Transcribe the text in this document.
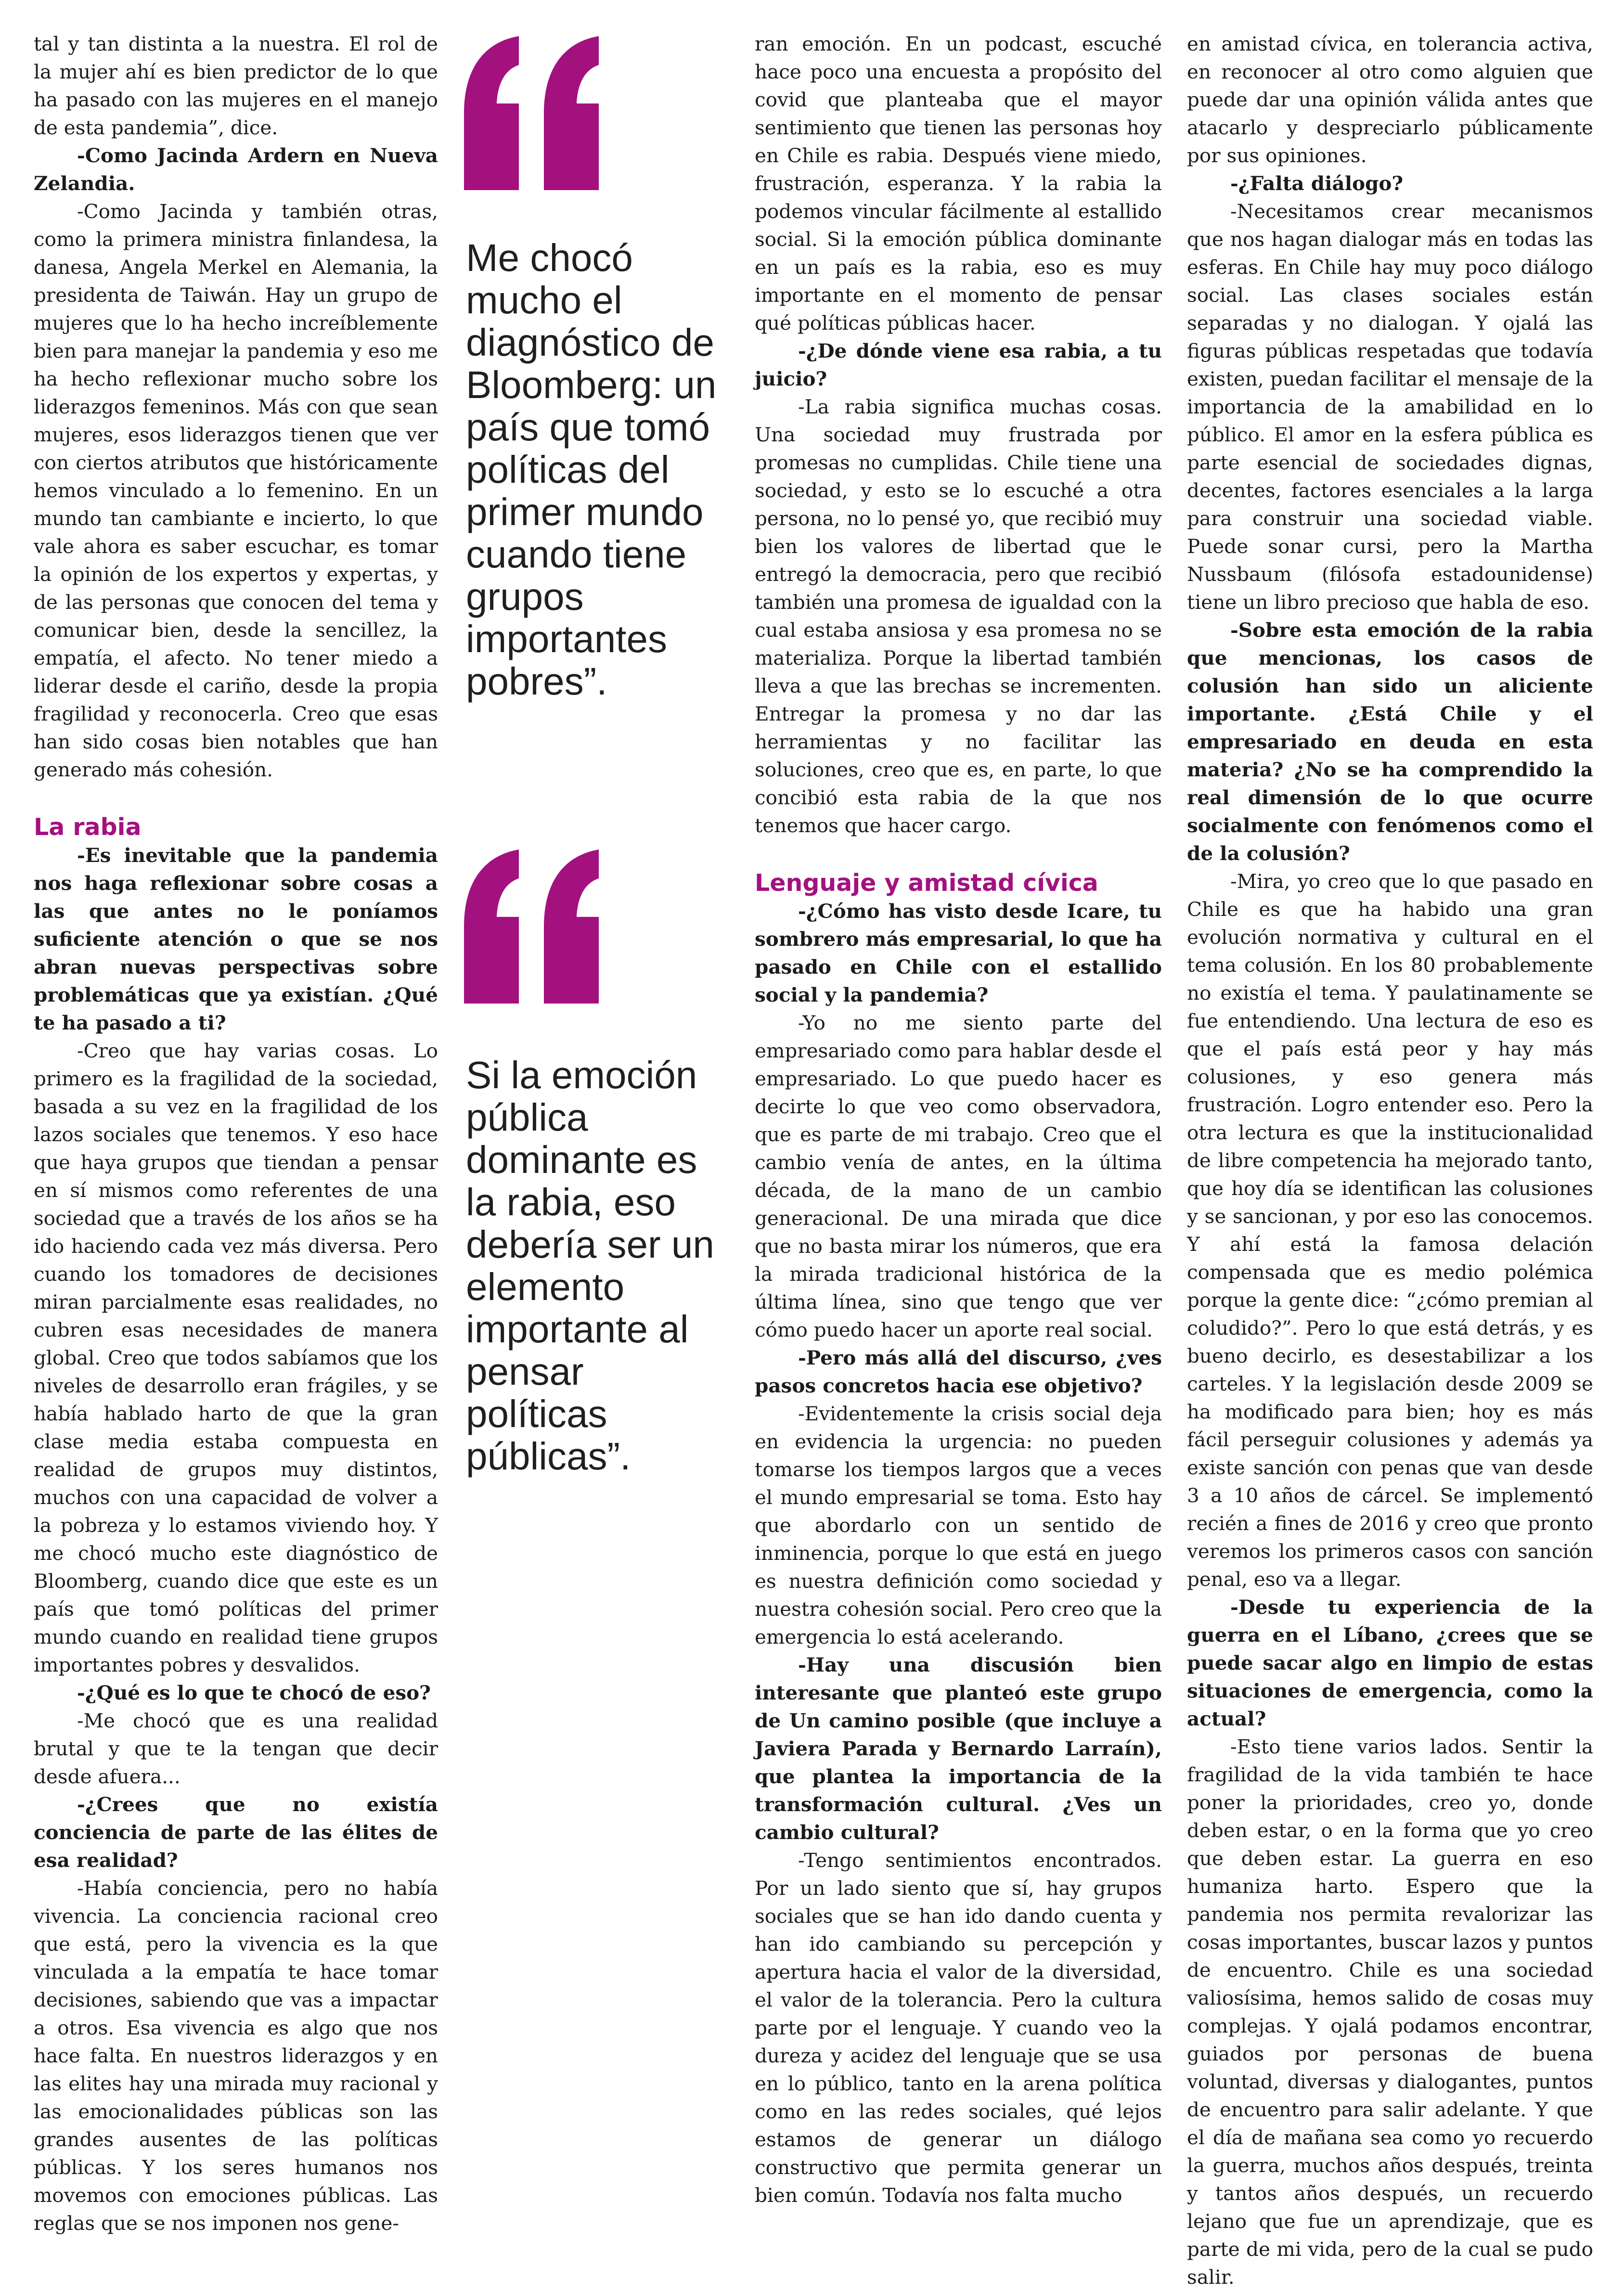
tal y tan distinta a la nuestra. El rol de la mujer ahí es bien predictor de lo que ha pasado con las mujeres en el manejo de esta pandemia”, dice.

-Como Jacinda Ardern en Nueva Zelandia.

-Como Jacinda y también otras, como la primera ministra finlandesa, la danesa, Angela Merkel en Alemania, la presidenta de Taiwán. Hay un grupo de mujeres que lo ha hecho increíblemente bien para manejar la pandemia y eso me ha hecho reflexionar mucho sobre los liderazgos femeninos. Más con que sean mujeres, esos liderazgos tienen que ver con ciertos atributos que históricamente hemos vinculado a lo femenino. En un mundo tan cambiante e incierto, lo que vale ahora es saber escuchar, es tomar la opinión de los expertos y expertas, y de las personas que conocen del tema y comunicar bien, desde la sencillez, la empatía, el afecto. No tener miedo a liderar desde el cariño, desde la propia fragilidad y reconocerla. Creo que esas han sido cosas bien notables que han generado más cohesión.

La rabia

-Es inevitable que la pandemia nos haga reflexionar sobre cosas a las que antes no le poníamos suficiente atención o que se nos abran nuevas perspectivas sobre problemáticas que ya existían. ¿Qué te ha pasado a ti?

-Creo que hay varias cosas. Lo primero es la fragilidad de la sociedad, basada a su vez en la fragilidad de los lazos sociales que tenemos. Y eso hace que haya grupos que tiendan a pensar en sí mismos como referentes de una sociedad que a través de los años se ha ido haciendo cada vez más diversa. Pero cuando los tomadores de decisiones miran parcialmente esas realidades, no cubren esas necesidades de manera global. Creo que todos sabíamos que los niveles de desarrollo eran frágiles, y se había hablado harto de que la gran clase media estaba compuesta en realidad de grupos muy distintos, muchos con una capacidad de volver a la pobreza y lo estamos viviendo hoy. Y me chocó mucho este diagnóstico de Bloomberg, cuando dice que este es un país que tomó políticas del primer mundo cuando en realidad tiene grupos importantes pobres y desvalidos.

-¿Qué es lo que te chocó de eso?

-Me chocó que es una realidad brutal y que te la tengan que decir desde afuera...

-¿Crees que no existía conciencia de parte de las élites de esa realidad?

-Había conciencia, pero no había vivencia. La conciencia racional creo que está, pero la vivencia es la que vinculada a la empatía te hace tomar decisiones, sabiendo que vas a impactar a otros. Esa vivencia es algo que nos hace falta. En nuestros liderazgos y en las elites hay una mirada muy racional y las emocionalidades públicas son las grandes ausentes de las políticas públicas. Y los seres humanos nos movemos con emociones públicas. Las reglas que se nos imponen nos gene-

Me chocó mucho el diagnóstico de Bloomberg: un país que tomó políticas del primer mundo cuando tiene grupos importantes pobres”.

Si la emoción pública dominante es la rabia, eso debería ser un elemento importante al pensar políticas públicas”.

ran emoción. En un podcast, escuché hace poco una encuesta a propósito del covid que planteaba que el mayor sentimiento que tienen las personas hoy en Chile es rabia. Después viene miedo, frustración, esperanza. Y la rabia la podemos vincular fácilmente al estallido social. Si la emoción pública dominante en un país es la rabia, eso es muy importante en el momento de pensar qué políticas públicas hacer.

-¿De dónde viene esa rabia, a tu juicio?

-La rabia significa muchas cosas. Una sociedad muy frustrada por promesas no cumplidas. Chile tiene una sociedad, y esto se lo escuché a otra persona, no lo pensé yo, que recibió muy bien los valores de libertad que le entregó la democracia, pero que recibió también una promesa de igualdad con la cual estaba ansiosa y esa promesa no se materializa. Porque la libertad también lleva a que las brechas se incrementen. Entregar la promesa y no dar las herramientas y no facilitar las soluciones, creo que es, en parte, lo que concibió esta rabia de la que nos tenemos que hacer cargo.

Lenguaje y amistad cívica

-¿Cómo has visto desde Icare, tu sombrero más empresarial, lo que ha pasado en Chile con el estallido social y la pandemia?

-Yo no me siento parte del empresariado como para hablar desde el empresariado. Lo que puedo hacer es decirte lo que veo como observadora, que es parte de mi trabajo. Creo que el cambio venía de antes, en la última década, de la mano de un cambio generacional. De una mirada que dice que no basta mirar los números, que era la mirada tradicional histórica de la última línea, sino que tengo que ver cómo puedo hacer un aporte real social.

-Pero más allá del discurso, ¿ves pasos concretos hacia ese objetivo?

-Evidentemente la crisis social deja en evidencia la urgencia: no pueden tomarse los tiempos largos que a veces el mundo empresarial se toma. Esto hay que abordarlo con un sentido de inminencia, porque lo que está en juego es nuestra definición como sociedad y nuestra cohesión social. Pero creo que la emergencia lo está acelerando.

-Hay una discusión bien interesante que planteó este grupo de Un camino posible (que incluye a Javiera Parada y Bernardo Larraín), que plantea la importancia de la transformación cultural. ¿Ves un cambio cultural?

-Tengo sentimientos encontrados. Por un lado siento que sí, hay grupos sociales que se han ido dando cuenta y han ido cambiando su percepción y apertura hacia el valor de la diversidad, el valor de la tolerancia. Pero la cultura parte por el lenguaje. Y cuando veo la dureza y acidez del lenguaje que se usa en lo público, tanto en la arena política como en las redes sociales, qué lejos estamos de generar un diálogo constructivo que permita generar un bien común. Todavía nos falta mucho

en amistad cívica, en tolerancia activa, en reconocer al otro como alguien que puede dar una opinión válida antes que atacarlo y despreciarlo públicamente por sus opiniones.

-¿Falta diálogo?

-Necesitamos crear mecanismos que nos hagan dialogar más en todas las esferas. En Chile hay muy poco diálogo social. Las clases sociales están separadas y no dialogan. Y ojalá las figuras públicas respetadas que todavía existen, puedan facilitar el mensaje de la importancia de la amabilidad en lo público. El amor en la esfera pública es parte esencial de sociedades dignas, decentes, factores esenciales a la larga para construir una sociedad viable. Puede sonar cursi, pero la Martha Nussbaum (filósofa estadounidense) tiene un libro precioso que habla de eso.

-Sobre esta emoción de la rabia que mencionas, los casos de colusión han sido un aliciente importante. ¿Está Chile y el empresariado en deuda en esta materia? ¿No se ha comprendido la real dimensión de lo que ocurre socialmente con fenómenos como el de la colusión?

-Mira, yo creo que lo que pasado en Chile es que ha habido una gran evolución normativa y cultural en el tema colusión. En los 80 probablemente no existía el tema. Y paulatinamente se fue entendiendo. Una lectura de eso es que el país está peor y hay más colusiones, y eso genera más frustración. Logro entender eso. Pero la otra lectura es que la institucionalidad de libre competencia ha mejorado tanto, que hoy día se identifican las colusiones y se sancionan, y por eso las conocemos. Y ahí está la famosa delación compensada que es medio polémica porque la gente dice: “¿cómo premian al coludido?”. Pero lo que está detrás, y es bueno decirlo, es desestabilizar a los carteles. Y la legislación desde 2009 se ha modificado para bien; hoy es más fácil perseguir colusiones y además ya existe sanción con penas que van desde 3 a 10 años de cárcel. Se implementó recién a fines de 2016 y creo que pronto veremos los primeros casos con sanción penal, eso va a llegar.

-Desde tu experiencia de la guerra en el Líbano, ¿crees que se puede sacar algo en limpio de estas situaciones de emergencia, como la actual?

-Esto tiene varios lados. Sentir la fragilidad de la vida también te hace poner la prioridades, creo yo, donde deben estar, o en la forma que yo creo que deben estar. La guerra en eso humaniza harto. Espero que la pandemia nos permita revalorizar las cosas importantes, buscar lazos y puntos de encuentro. Chile es una sociedad valiosísima, hemos salido de cosas muy complejas. Y ojalá podamos encontrar, guiados por personas de buena voluntad, diversas y dialogantes, puntos de encuentro para salir adelante. Y que el día de mañana sea como yo recuerdo la guerra, muchos años después, treinta y tantos años después, un recuerdo lejano que fue un aprendizaje, que es parte de mi vida, pero de la cual se pudo salir.
